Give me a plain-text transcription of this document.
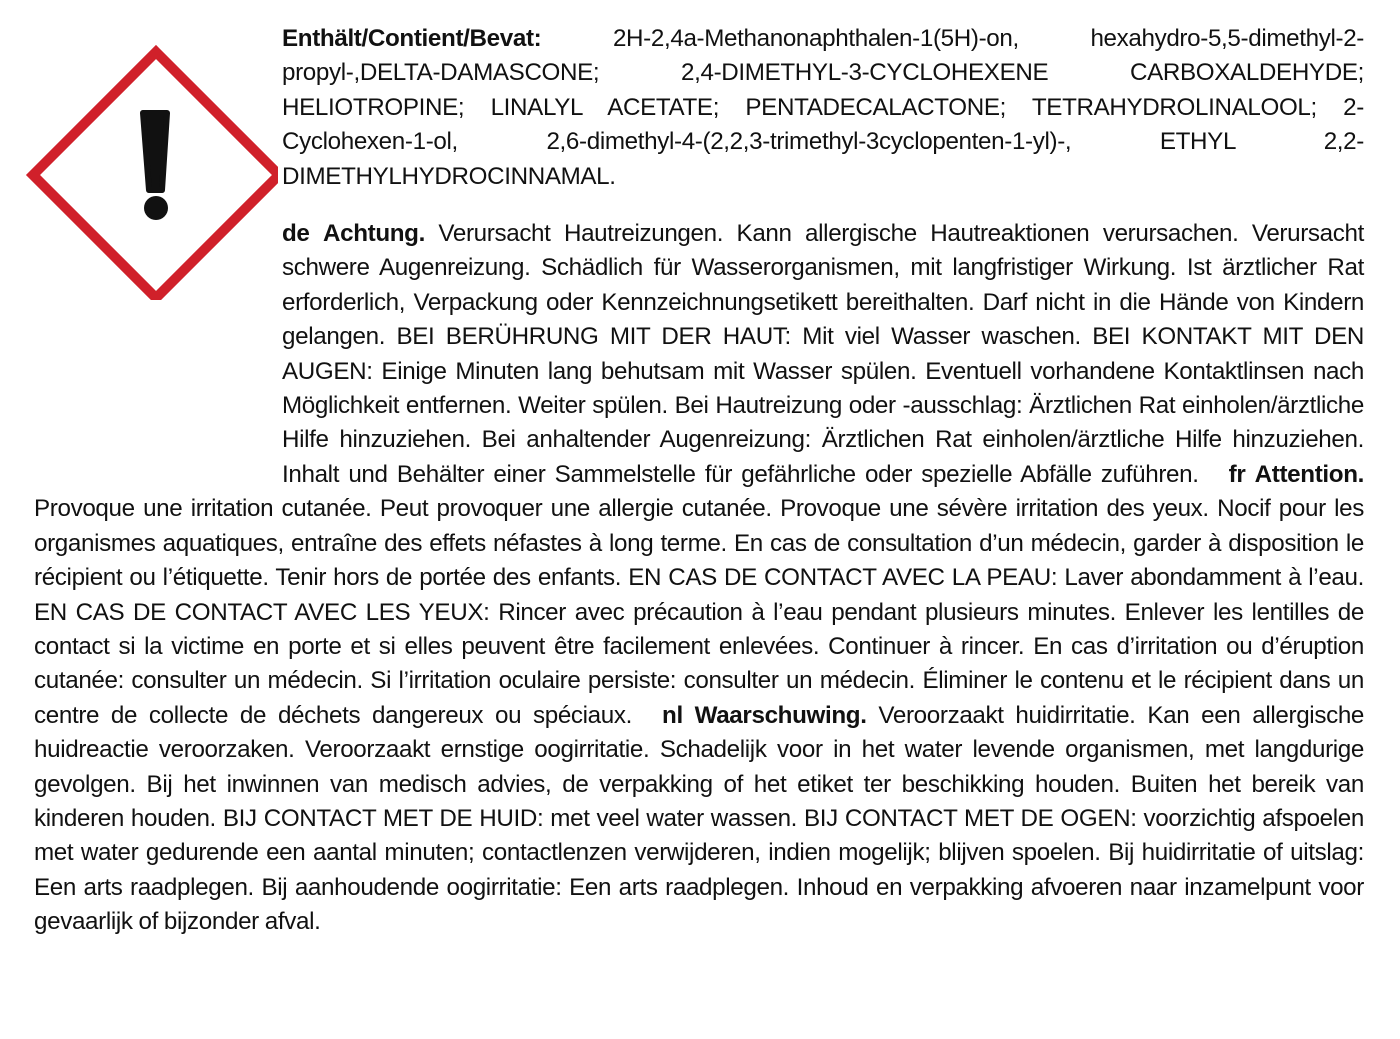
Enthält/Contient/Bevat:	2H-2,4a-Methanonaphthalen-1(5H)-on, hexahydro-5,5-dimethyl-2-propyl-,DELTA-DAMASCONE; 2,4-DIMETHYL-3-CYCLOHEXENE CARBOXALDEHYDE; HELIOTROPINE; LINALYL ACETATE; PENTADECALACTONE; TETRAHYDROLINALOOL; 2-Cyclohexen-1-ol, 2,6-dimethyl-4-(2,2,3-trimethyl-3cyclopenten-1-yl)-, ETHYL 2,2-DIMETHYLHYDROCINNAMAL.

de Achtung. Verursacht Hautreizungen. Kann allergische Hautreaktionen verursachen. Verursacht schwere Augenreizung. Schädlich für Wasserorganismen, mit langfristiger Wirkung. Ist ärztlicher Rat erforderlich, Verpackung oder Kennzeichnungsetikett bereithalten. Darf nicht in die Hände von Kindern gelangen. BEI BERÜHRUNG MIT DER HAUT: Mit viel Wasser waschen. BEI KONTAKT MIT DEN AUGEN: Einige Minuten lang behutsam mit Wasser spülen. Eventuell vorhandene Kontaktlinsen nach Möglichkeit entfernen. Weiter spülen. Bei Hautreizung oder -ausschlag: Ärztlichen Rat einholen/ärztliche Hilfe hinzuziehen. Bei anhaltender Augenreizung: Ärztlichen Rat einholen/ärztliche Hilfe hinzuziehen. Inhalt und Behälter einer Sammelstelle für gefährliche oder spezielle Abfälle zuführen. fr Attention. Provoque une irritation cutanée. Peut provoquer une allergie cutanée. Provoque une sévère irritation des yeux. Nocif pour les organismes aquatiques, entraîne des effets néfastes à long terme. En cas de consultation d’un médecin, garder à disposition le récipient ou l’étiquette. Tenir hors de portée des enfants. EN CAS DE CONTACT AVEC LA PEAU: Laver abondamment à l’eau. EN CAS DE CONTACT AVEC LES YEUX: Rincer avec précaution à l’eau pendant plusieurs minutes. Enlever les lentilles de contact si la victime en porte et si elles peuvent être facilement enlevées. Continuer à rincer. En cas d’irritation ou d’éruption cutanée: consulter un médecin. Si l’irritation oculaire persiste: consulter un médecin. Éliminer le contenu et le récipient dans un centre de collecte de déchets dangereux ou spéciaux. nl Waarschuwing. Veroorzaakt huidirritatie. Kan een allergische huidreactie veroorzaken. Veroorzaakt ernstige oogirritatie. Schadelijk voor in het water levende organismen, met langdurige gevolgen. Bij het inwinnen van medisch advies, de verpakking of het etiket ter beschikking houden. Buiten het bereik van kinderen houden. BIJ CONTACT MET DE HUID: met veel water wassen. BIJ CONTACT MET DE OGEN: voorzichtig afspoelen met water gedurende een aantal minuten; contactlenzen verwijderen, indien mogelijk; blijven spoelen. Bij huidirritatie of uitslag: Een arts raadplegen. Bij aanhoudende oogirritatie: Een arts raadplegen. Inhoud en verpakking afvoeren naar inzamelpunt voor gevaarlijk of bijzonder afval.
